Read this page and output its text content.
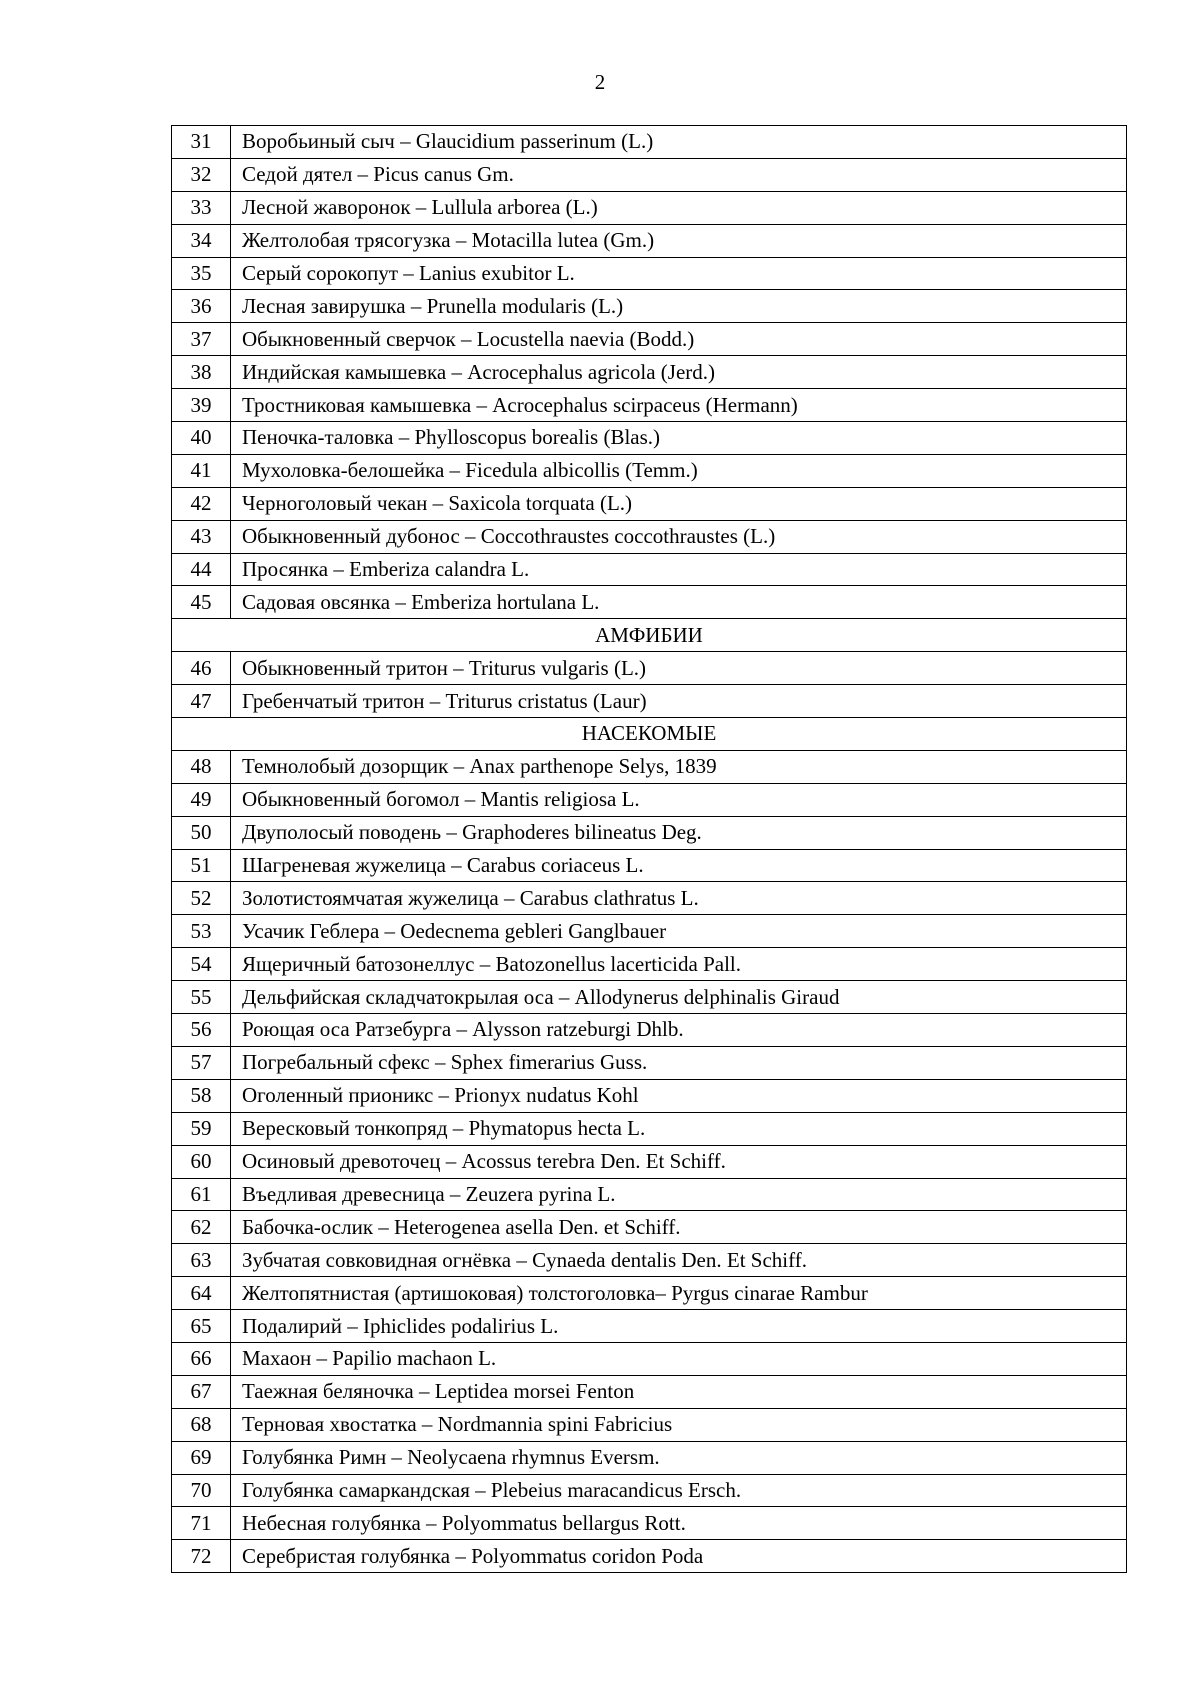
2
31	Воробьиный сыч – Glaucidium passerinum (L.)
32	Седой дятел – Picus canus Gm.
33	Лесной жаворонок – Lullula arborea (L.)
34	Желтолобая трясогузка – Motacilla lutea (Gm.)
35	Серый сорокопут – Lanius exubitor L.
36	Лесная завирушка – Prunella modularis (L.)
37	Обыкновенный сверчок – Locustella naevia (Bodd.)
38	Индийская камышевка – Acrocephalus agricola (Jerd.)
39	Тростниковая камышевка – Acrocephalus scirpaceus (Hermann)
40	Пеночка-таловка – Phylloscopus borealis (Blas.)
41	Мухоловка-белошейка – Ficedula albicollis (Temm.)
42	Черноголовый чекан – Saxicola torquata (L.)
43	Обыкновенный дубонос – Coccothraustes coccothraustes (L.)
44	Просянка – Emberiza calandra L.
45	Садовая овсянка – Emberiza hortulana L.
АМФИБИИ	
46	Обыкновенный тритон – Triturus vulgaris (L.)
47	Гребенчатый тритон – Triturus cristatus (Laur)
НАСЕКОМЫЕ	
48	Темнолобый дозорщик – Anax parthenope Selys, 1839
49	Обыкновенный богомол – Mantis religiosa L.
50	Двуполосый поводень – Graphoderes bilineatus Deg.
51	Шагреневая жужелица – Carabus coriaceus L.
52	Золотистоямчатая жужелица – Carabus clathratus L.
53	Усачик Геблера – Oedecnema gebleri Ganglbauer
54	Ящеричный батозонеллус – Batozonellus lacerticida Pall.
55	Дельфийская складчатокрылая оса – Allodynerus delphinalis Giraud
56	Роющая оса Ратзебурга – Alysson ratzeburgi Dhlb.
57	Погребальный сфекс – Sphex fimerarius Guss.
58	Оголенный прионикс – Prionyx nudatus Kohl
59	Вересковый тонкопряд – Phymatopus hecta L.
60	Осиновый древоточец – Acossus terebra Den. Et Schiff.
61	Въедливая древесница – Zeuzera pyrina L.
62	Бабочка-ослик – Heterogenea asella Den. et Schiff.
63	Зубчатая совковидная огнёвка – Cynaeda dentalis Den. Et Schiff.
64	Желтопятнистая (артишоковая) толстоголовка– Pyrgus cinarae Rambur
65	Подалирий – Iphiclides podalirius L.
66	Махаон – Papilio machaon L.
67	Таежная беляночка – Leptidea morsei Fenton
68	Терновая хвостатка – Nordmannia spini Fabricius
69	Голубянка Римн – Neolycaena rhymnus Eversm.
70	Голубянка самаркандская – Plebeius maracandicus Ersch.
71	Небесная голубянка – Polyommatus bellargus Rott.
72	Серебристая голубянка – Polyommatus coridon Poda
